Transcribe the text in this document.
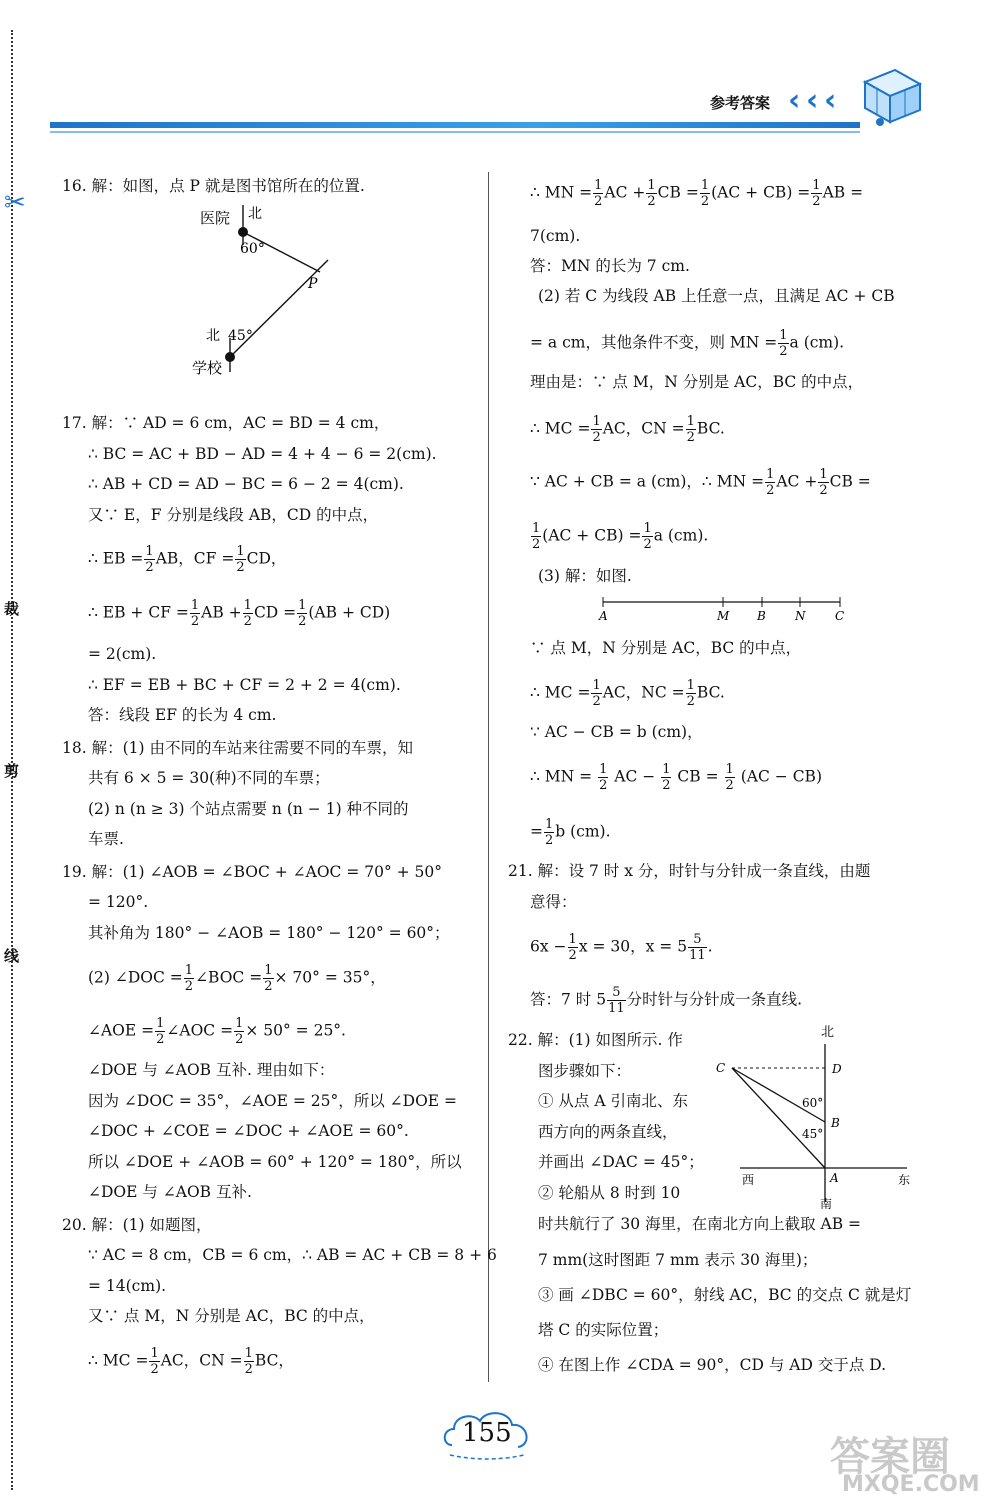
✂
裁
剪
线
参考答案 ‹ ‹ ‹
16. 解：如图，点 P 就是图书馆所在的位置.
医院 北
60°
P
北 45°
学校
17. 解：∵ AD = 6 cm，AC = BD = 4 cm，
∴ BC = AC + BD − AD = 4 + 4 − 6 = 2(cm).
∴ AB + CD = AD − BC = 6 − 2 = 4(cm).
又∵ E，F 分别是线段 AB，CD 的中点，
∴ EB = $\frac{1}{2}$ AB，CF = $\frac{1}{2}$ CD，
∴ EB + CF = $\frac{1}{2}$ AB + $\frac{1}{2}$ CD = $\frac{1}{2} (AB + CD)$
= 2(cm).
∴ EF = EB + BC + CF = 2 + 2 = 4(cm).
答：线段 EF 的长为 4 cm.
18. 解：(1) 由不同的车站来往需要不同的车票，知
共有 6 × 5 = 30(种)不同的车票；
(2) n (n ≥ 3) 个站点需要 n (n − 1) 种不同的
车票.
19. 解：(1) ∠AOB = ∠BOC + ∠AOC = 70° + 50°
= 120°.
其补角为 180° − ∠AOB = 180° − 120° = 60°；
(2) ∠DOC = $\frac{1}{2}$ ∠BOC = $\frac{1}{2} \times 70^\circ = 35^\circ$，
∠AOE = $\frac{1}{2}$ ∠AOC = $\frac{1}{2} \times 50^\circ = 25^\circ$.
∠DOE 与 ∠AOB 互补. 理由如下：
因为 ∠DOC = 35°，∠AOE = 25°，所以 ∠DOE =
∠DOC + ∠COE = ∠DOC + ∠AOE = 60°.
所以 ∠DOE + ∠AOB = 60° + 120° = 180°，所以
∠DOE 与 ∠AOB 互补.
20. 解：(1) 如题图，
∵ AC = 8 cm，CB = 6 cm，∴ AB = AC + CB = 8 + 6
= 14(cm).
又∵ 点 M，N 分别是 AC，BC 的中点，
∴ MC = $\frac{1}{2}$ AC，CN = $\frac{1}{2}$ BC，
∴ MN = $\frac{1}{2}$ AC + $\frac{1}{2}$ CB = $\frac{1}{2} (AC + CB) = \frac{1}{2}$ AB =
7(cm).
答：MN 的长为 7 cm.
(2) 若 C 为线段 AB 上任意一点，且满足 AC + CB
= a cm，其他条件不变，则 MN = $\frac{1}{2}$ a (cm).
理由是：∵ 点 M，N 分别是 AC，BC 的中点，
∴ MC = $\frac{1}{2}$ AC，CN = $\frac{1}{2}$ BC.
∵ AC + CB = a (cm)，∴ MN = $\frac{1}{2}$ AC + $\frac{1}{2}$ CB =
$\frac{1}{2} (AC + CB) = \frac{1}{2}$ a (cm).
(3) 解：如图.
A	M B N C
∵ 点 M，N 分别是 AC，BC 的中点，
∴ MC = $\frac{1}{2}$ AC，NC = $\frac{1}{2}$ BC.
∵ AC − CB = b (cm)，
∴ MN = $\frac{1}{2}$ AC − $\frac{1}{2}$ CB = $\frac{1}{2} (AC - CB)$
= $\frac{1}{2}$ b (cm).
21. 解：设 7 时 x 分，时针与分针成一条直线，由题
意得：
$6x - \frac{1}{2}$ x = 30，$x = 5 \frac{5}{11}$ .
答：7 时 $5 \frac{5}{11}$ 分时针与分针成一条直线.
22. 解：(1) 如图所示. 作
图步骤如下：
① 从点 A 引南北、东
西方向的两条直线，
并画出 ∠DAC = 45°；
② 轮船从 8 时到 10
时共航行了 30 海里，在南北方向上截取 AB =
7 mm(这时图距 7 mm 表示 30 海里)；
③ 画 ∠DBC = 60°，射线 AC，BC 的交点 C 就是灯
塔 C 的实际位置；
④ 在图上作 ∠CDA = 90°，CD 与 AD 交于点 D.
北
C	D
60°
B
45°
西	A	东
南
155
答案圈
MXQE.COM
